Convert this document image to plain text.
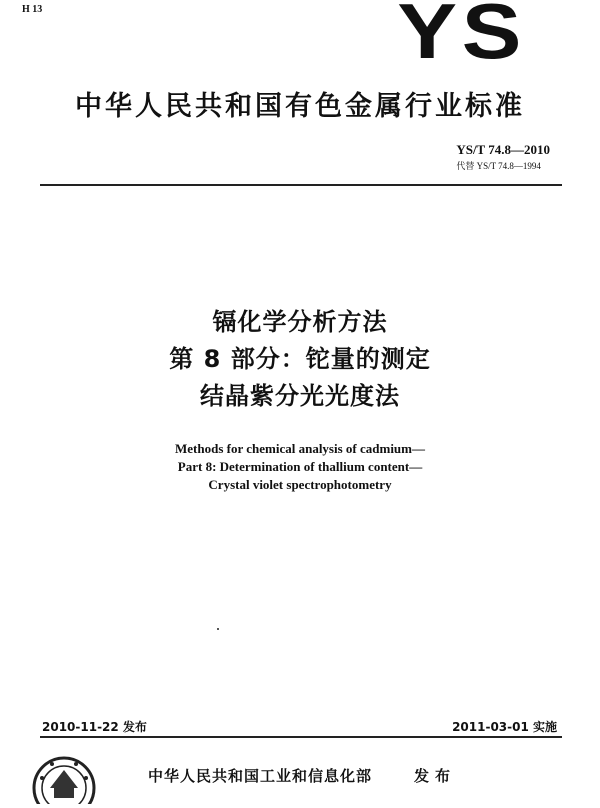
H 13	YS
中华人民共和国有色金属行业标准
YS/T 74.8—2010
代替 YS/T 74.8—1994
镉化学分析方法
第 8 部分：铊量的测定
结晶紫分光光度法
Methods for chemical analysis of cadmium—
Part 8: Determination of thallium content—
Crystal violet spectrophotometry
2010-11-22 发布	2011-03-01 实施
中华人民共和国工业和信息化部	发布
